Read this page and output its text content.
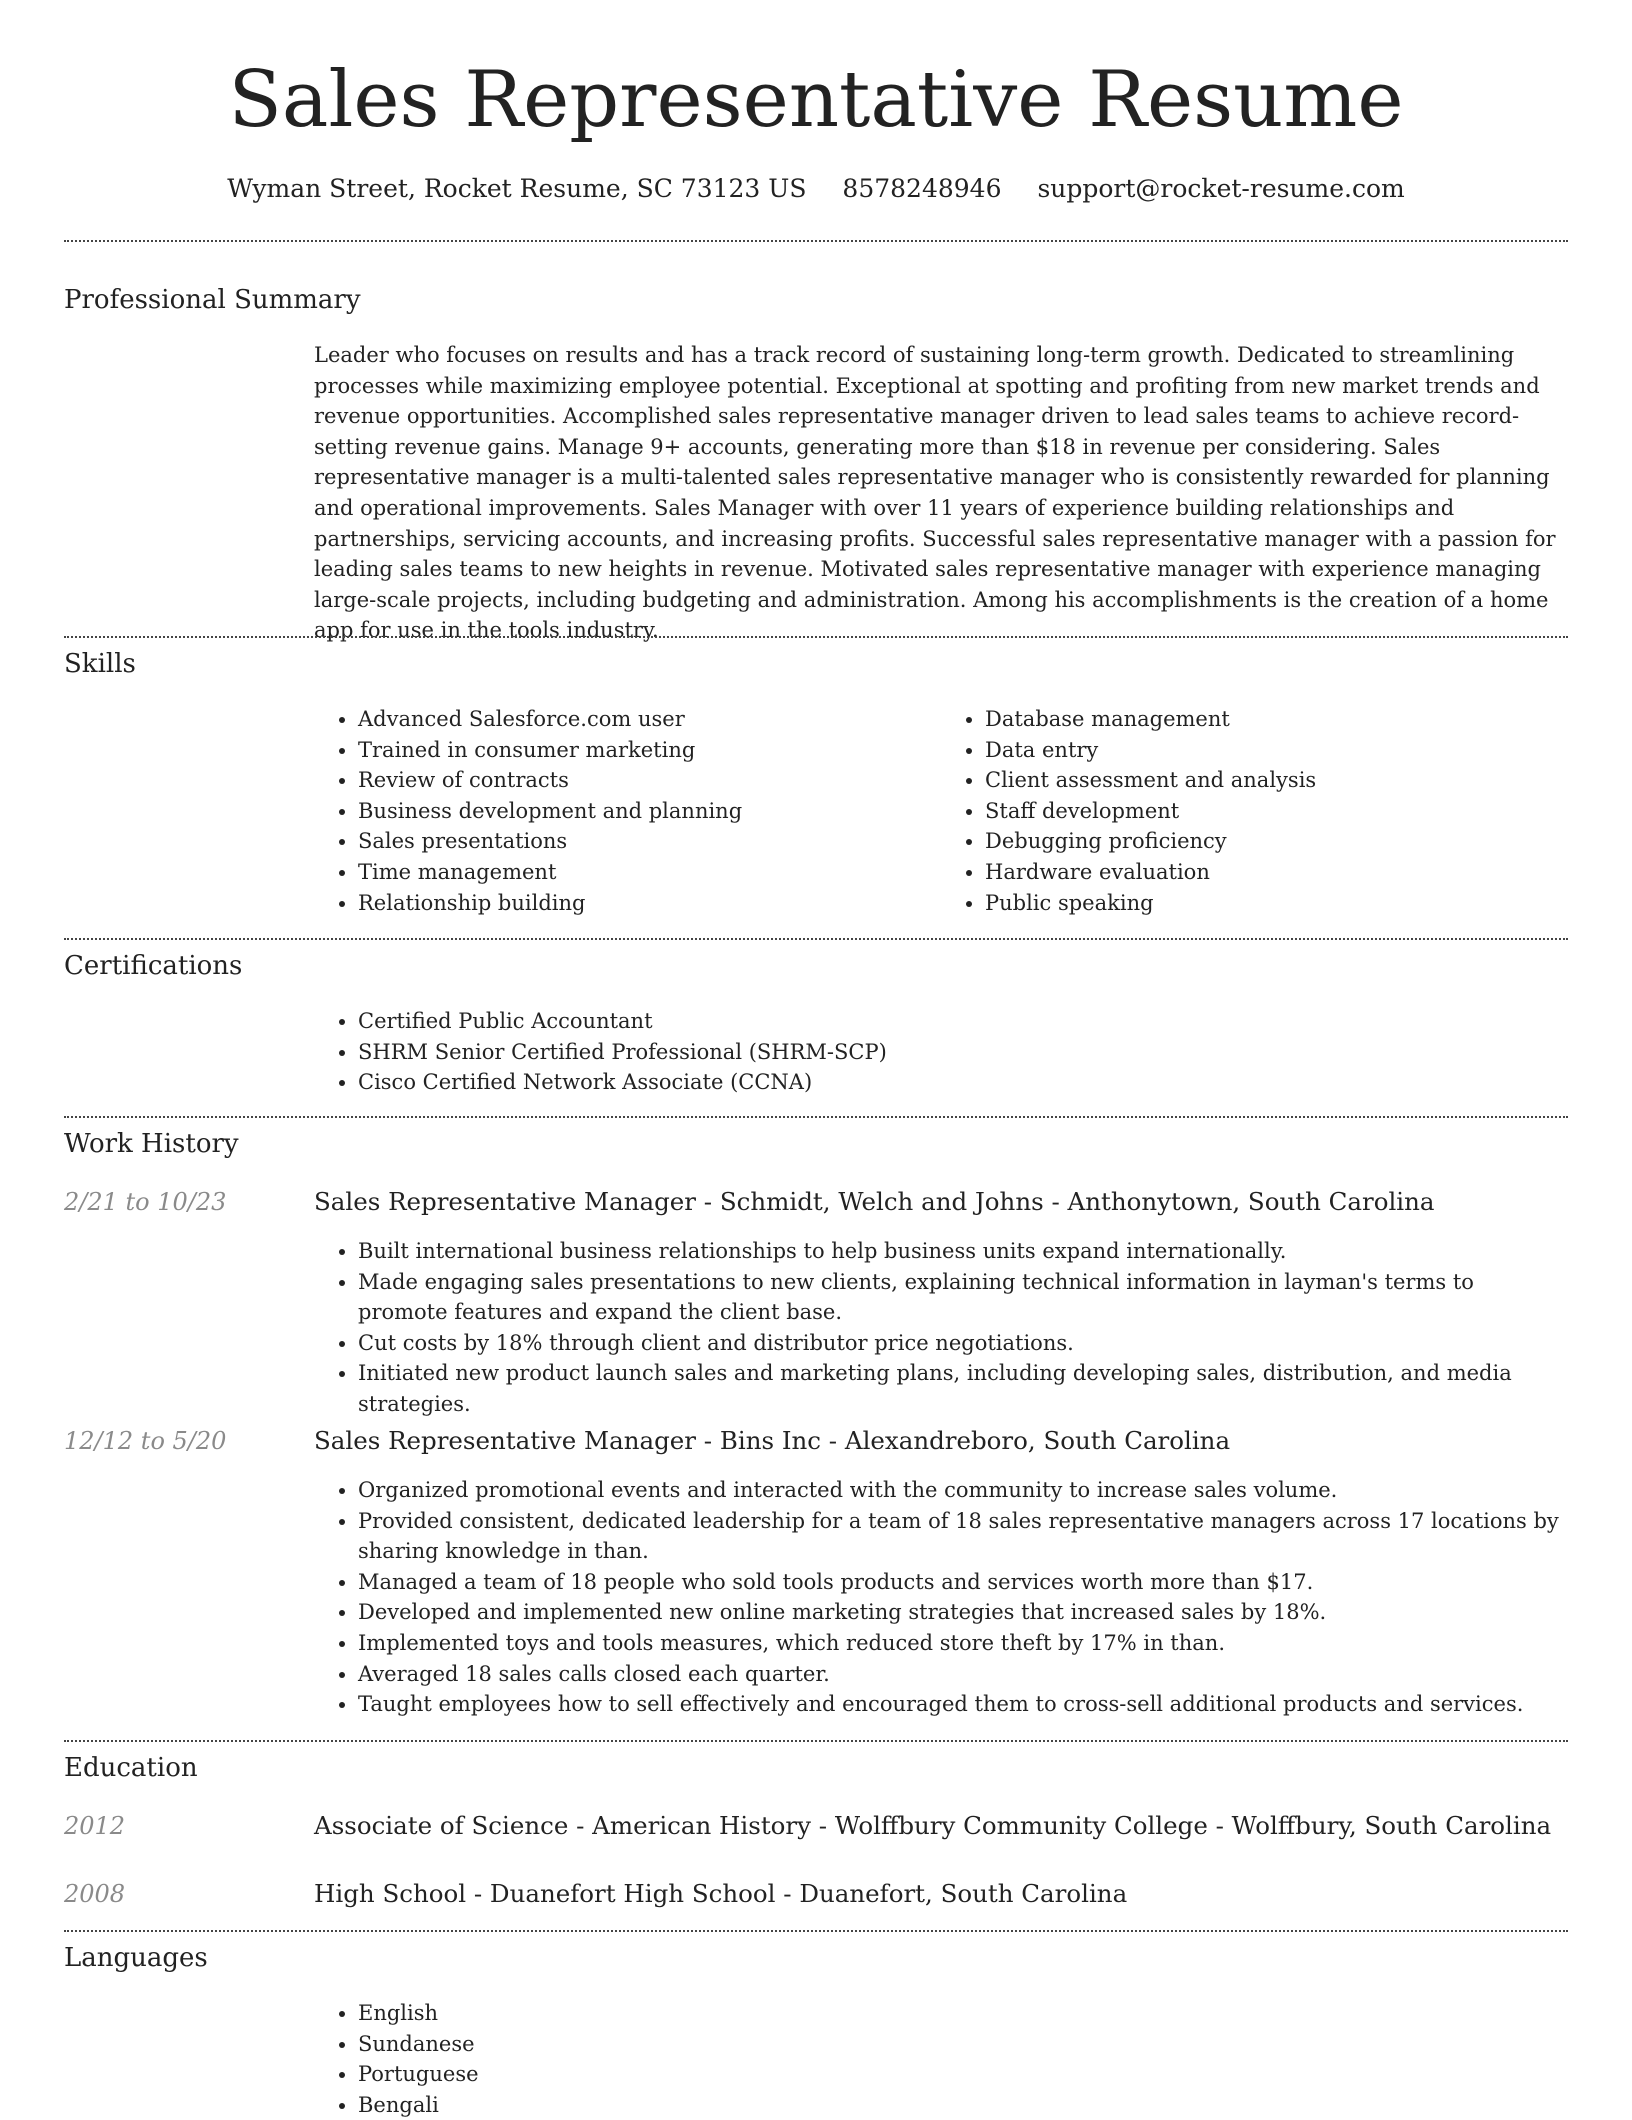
Sales Representative Resume
Wyman Street, Rocket Resume, SC 73123 US 8578248946 support@rocket-resume.com
Professional Summary

Leader who focuses on results and has a track record of sustaining long-term growth. Dedicated to streamlining processes while maximizing employee potential. Exceptional at spotting and profiting from new market trends and revenue opportunities. Accomplished sales representative manager driven to lead sales teams to achieve record-setting revenue gains. Manage 9+ accounts, generating more than $18 in revenue per considering. Sales representative manager is a multi-talented sales representative manager who is consistently rewarded for planning and operational improvements. Sales Manager with over 11 years of experience building relationships and partnerships, servicing accounts, and increasing profits. Successful sales representative manager with a passion for leading sales teams to new heights in revenue. Motivated sales representative manager with experience managing large-scale projects, including budgeting and administration. Among his accomplishments is the creation of a home app for use in the tools industry.

Skills
• Advanced Salesforce.com user
• Trained in consumer marketing
• Review of contracts
• Business development and planning
• Sales presentations
• Time management
• Relationship building
• Database management
• Data entry
• Client assessment and analysis
• Staff development
• Debugging proficiency
• Hardware evaluation
• Public speaking
Certifications
• Certified Public Accountant
• SHRM Senior Certified Professional (SHRM-SCP)
• Cisco Certified Network Associate (CCNA)
Work History
2/21 to 10/23	Sales Representative Manager - Schmidt, Welch and Johns - Anthonytown, South Carolina
• Built international business relationships to help business units expand internationally.
• Made engaging sales presentations to new clients, explaining technical information in layman's terms to promote features and expand the client base.
• Cut costs by 18% through client and distributor price negotiations.
• Initiated new product launch sales and marketing plans, including developing sales, distribution, and media strategies.
12/12 to 5/20	Sales Representative Manager - Bins Inc - Alexandreboro, South Carolina
• Organized promotional events and interacted with the community to increase sales volume.
• Provided consistent, dedicated leadership for a team of 18 sales representative managers across 17 locations by sharing knowledge in than.
• Managed a team of 18 people who sold tools products and services worth more than $17.
• Developed and implemented new online marketing strategies that increased sales by 18%.
• Implemented toys and tools measures, which reduced store theft by 17% in than.
• Averaged 18 sales calls closed each quarter.
• Taught employees how to sell effectively and encouraged them to cross-sell additional products and services.
Education
2012	Associate of Science - American History - Wolffbury Community College - Wolffbury, South Carolina
2008	High School - Duanefort High School - Duanefort, South Carolina
Languages
• English
• Sundanese
• Portuguese
• Bengali
